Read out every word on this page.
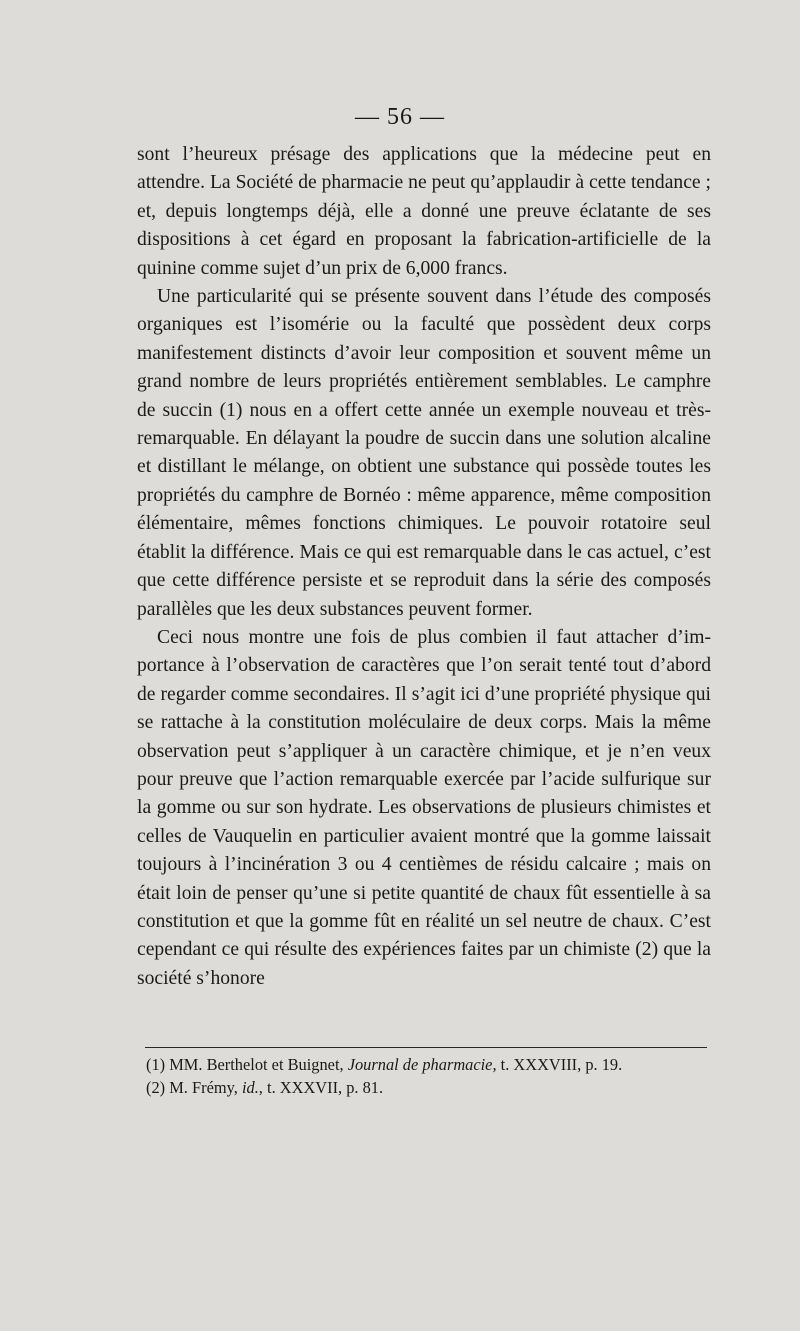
— 56 —

sont l’heureux présage des applications que la médecine peut en attendre. La Société de pharmacie ne peut qu’applaudir à cette tendance ; et, depuis longtemps déjà, elle a donné une preuve éclatante de ses dispositions à cet égard en proposant la fabrication-artificielle de la quinine comme sujet d’un prix de 6,000 francs.

Une particularité qui se présente souvent dans l’étude des composés organiques est l’isomérie ou la faculté que possèdent deux corps manifestement distincts d’avoir leur composition et souvent même un grand nombre de leurs propriétés entièrement semblables. Le camphre de succin (1) nous en a offert cette année un exemple nouveau et très-remarquable. En délayant la poudre de succin dans une solution alcaline et distillant le mélange, on obtient une substance qui possède toutes les propriétés du camphre de Bornéo : même apparence, même composition élémentaire, mêmes fonctions chimiques. Le pouvoir rotatoire seul établit la différence. Mais ce qui est remarquable dans le cas actuel, c’est que cette différence persiste et se reproduit dans la série des composés parallèles que les deux substances peuvent former.

Ceci nous montre une fois de plus combien il faut attacher d’importance à l’observation de caractères que l’on serait tenté tout d’abord de regarder comme secondaires. Il s’agit ici d’une propriété physique qui se rattache à la constitution moléculaire de deux corps. Mais la même observation peut s’appliquer à un caractère chimique, et je n’en veux pour preuve que l’action remarquable exercée par l’acide sulfurique sur la gomme ou sur son hydrate. Les observations de plusieurs chimistes et celles de Vauquelin en particulier avaient montré que la gomme laissait toujours à l’incinération 3 ou 4 centièmes de résidu calcaire ; mais on était loin de penser qu’une si petite quantité de chaux fût essentielle à sa constitution et que la gomme fût en réalité un sel neutre de chaux. C’est cependant ce qui résulte des expériences faites par un chimiste (2) que la société s’honore

(1) MM. Berthelot et Buignet, Journal de pharmacie, t. XXXVIII, p. 19.

(2) M. Frémy, id., t. XXXVII, p. 81.
